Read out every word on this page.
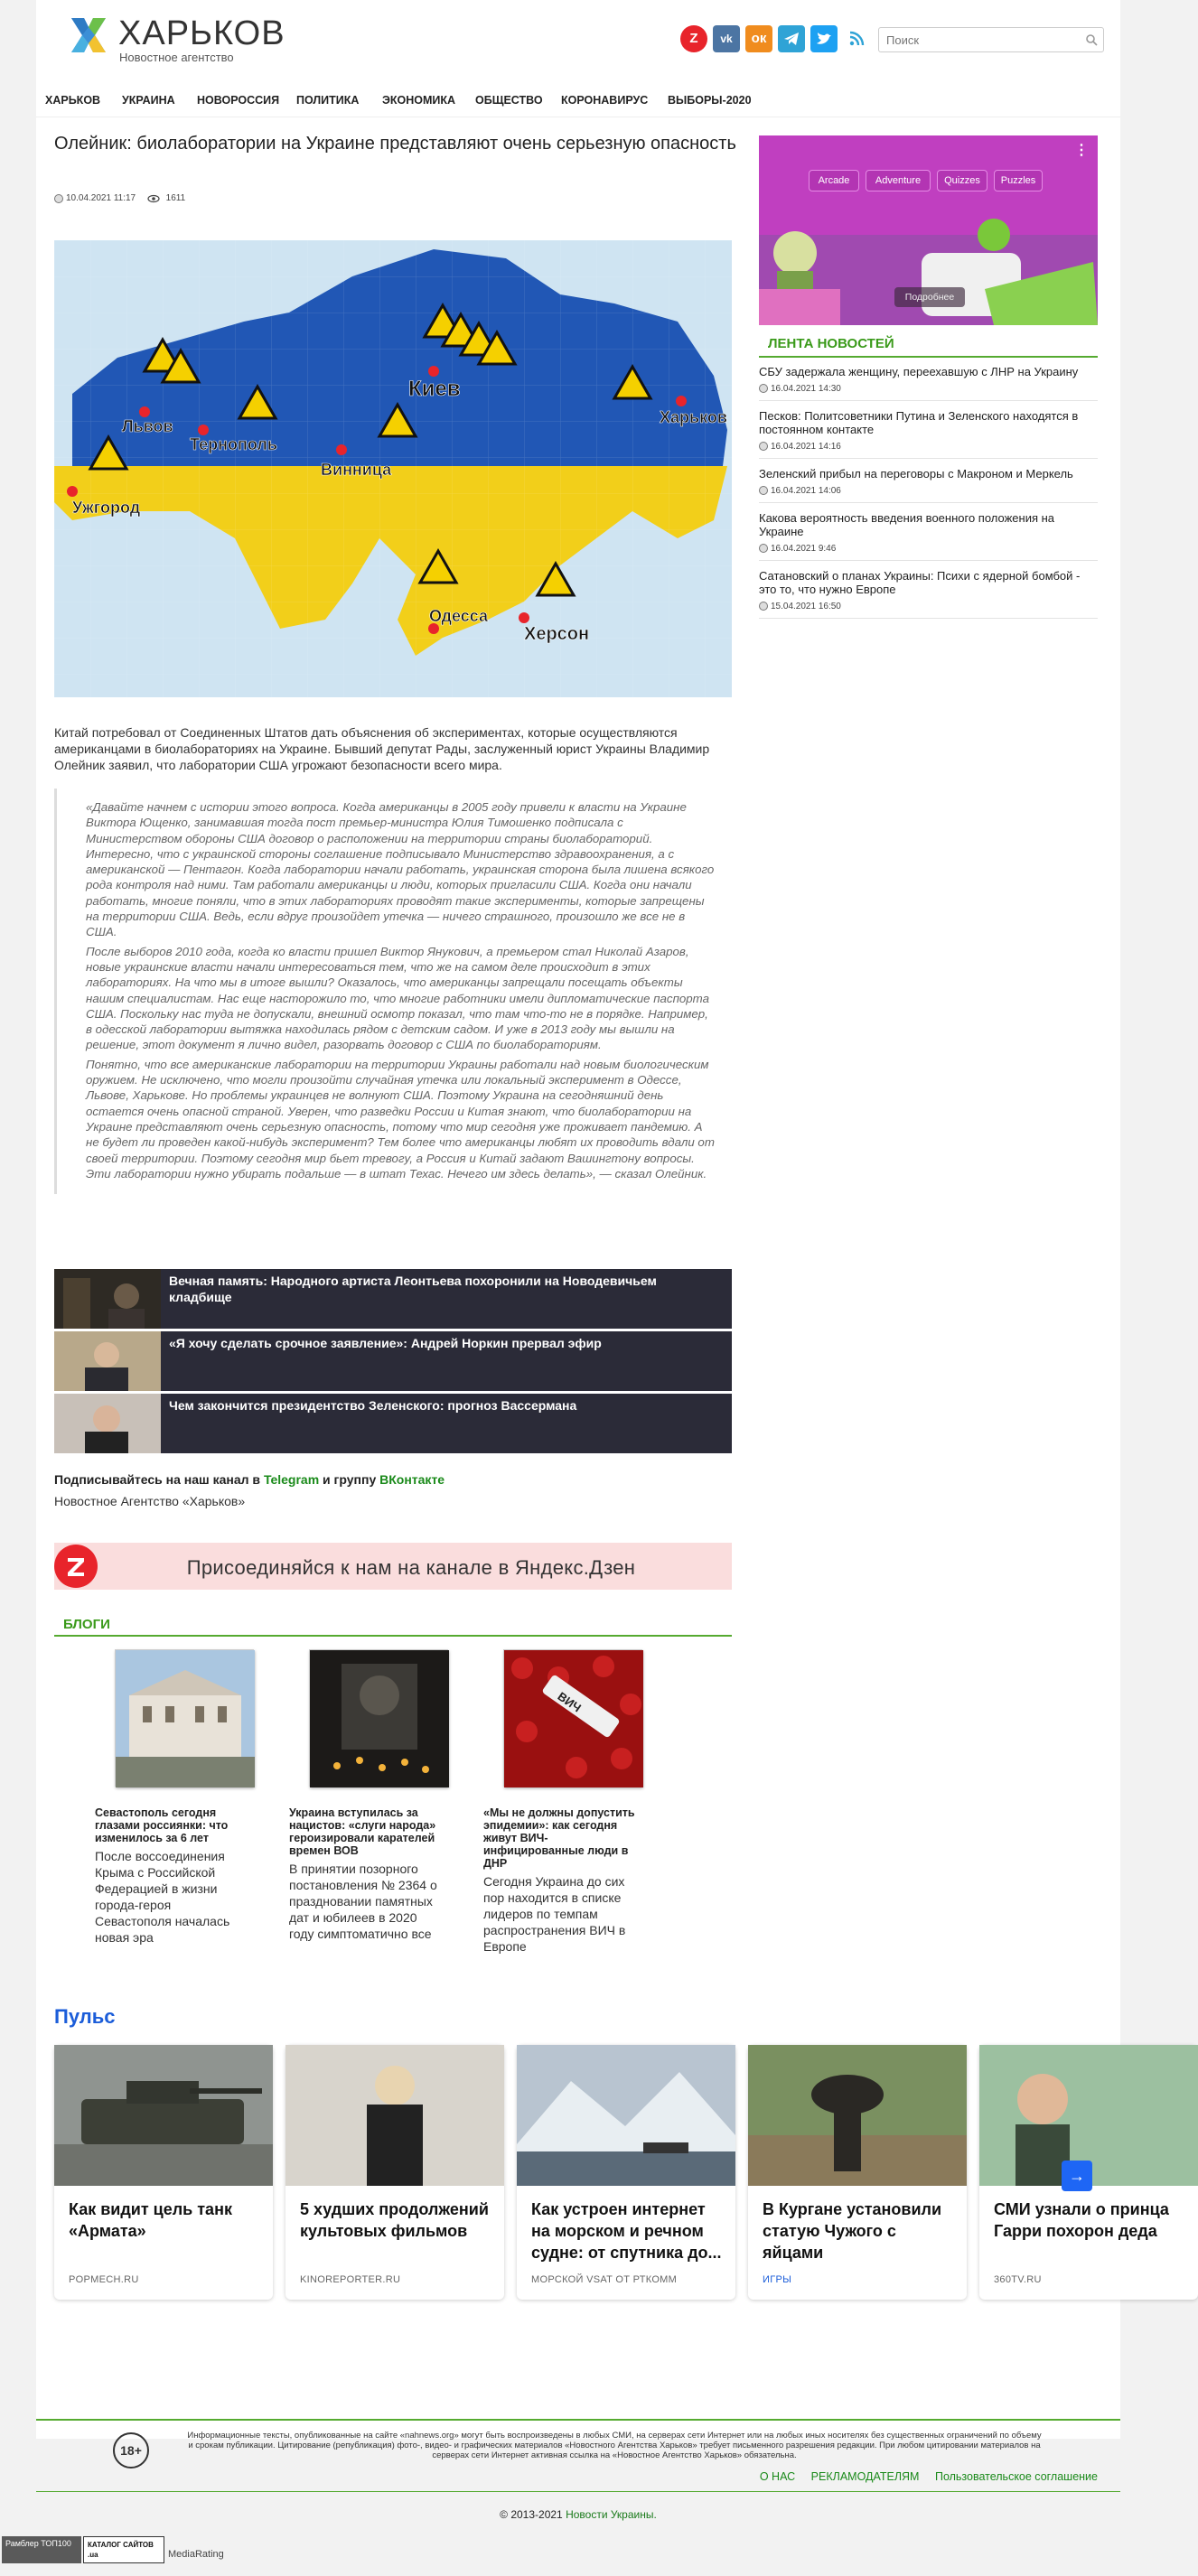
ХАРЬКОВ
Новостное агентство
Z	vk	ок
Поиск
ХАРЬКОВ УКРАИНА НОВОРОССИЯ ПОЛИТИКА ЭКОНОМИКА ОБЩЕСТВО КОРОНАВИРУС ВЫБОРЫ-2020
Олейник: биолаборатории на Украине представляют очень серьезную опасность
10.04.2021 11:17	1611
Львов
Тернополь
Ужгород
Винница
Киев
Харьков
Одесса
Херсон
Китай потребовал от Соединенных Штатов дать объяснения об экспериментах, которые осуществляются американцами в биолабораториях на Украине. Бывший депутат Рады, заслуженный юрист Украины Владимир Олейник заявил, что лаборатории США угрожают безопасности всего мира.

«Давайте начнем с истории этого вопроса. Когда американцы в 2005 году привели к власти на Украине Виктора Ющенко, занимавшая тогда пост премьер-министра Юлия Тимошенко подписала с Министерством обороны США договор о расположении на территории страны биолабораторий. Интересно, что с украинской стороны соглашение подписывало Министерство здравоохранения, а с американской — Пентагон. Когда лаборатории начали работать, украинская сторона была лишена всякого рода контроля над ними. Там работали американцы и люди, которых пригласили США. Когда они начали работать, многие поняли, что в этих лабораториях проводят такие эксперименты, которые запрещены на территории США. Ведь, если вдруг произойдет утечка — ничего страшного, произошло же все не в США.

После выборов 2010 года, когда ко власти пришел Виктор Янукович, а премьером стал Николай Азаров, новые украинские власти начали интересоваться тем, что же на самом деле происходит в этих лабораториях. На что мы в итоге вышли? Оказалось, что американцы запрещали посещать объекты нашим специалистам. Нас еще насторожило то, что многие работники имели дипломатические паспорта США. Поскольку нас туда не допускали, внешний осмотр показал, что там что-то не в порядке. Например, в одесской лаборатории вытяжка находилась рядом с детским садом. И уже в 2013 году мы вышли на решение, этот документ я лично видел, разорвать договор с США по биолабораториям.

Понятно, что все американские лаборатории на территории Украины работали над новым биологическим оружием. Не исключено, что могли произойти случайная утечка или локальный эксперимент в Одессе, Львове, Харькове. Но проблемы украинцев не волнуют США. Поэтому Украина на сегодняшний день остается очень опасной страной. Уверен, что разведки России и Китая знают, что биолаборатории на Украине представляют очень серьезную опасность, потому что мир сегодня уже проживает пандемию. А не будет ли проведен какой-нибудь эксперимент? Тем более что американцы любят их проводить вдали от своей территории. Поэтому сегодня мир бьет тревогу, а Россия и Китай задают Вашингтону вопросы. Эти лаборатории нужно убирать подальше — в штат Техас. Нечего им здесь делать», — сказал Олейник.

Вечная память: Народного артиста Леонтьева похоронили на Новодевичьем кладбище
«Я хочу сделать срочное заявление»: Андрей Норкин прервал эфир
Чем закончится президентство Зеленского: прогноз Вассермана
Подписывайтесь на наш канал в Telegram и группу ВКонтакте
Новостное Агентство «Харьков»
Присоединяйся к нам на канале в Яндекс.Дзен
БЛОГИ
Севастополь сегодня глазами россиянки: что изменилось за 6 лет
После воссоединения Крыма с Российской Федерацией в жизни города-героя Севастополя началась новая эра
Украина вступилась за нацистов: «слуги народа» героизировали карателей времен ВОВ
В принятии позорного постановления № 2364 о праздновании памятных дат и юбилеев в 2020 году симптоматично все
ВИЧ
«Мы не должны допустить эпидемии»: как сегодня живут ВИЧ-инфицированные люди в ДНР
Сегодня Украина до сих пор находится в списке лидеров по темпам распространения ВИЧ в Европе
Пульс
Как видит цель танк «Армата»
POPMECH.RU
5 худших продолжений культовых фильмов
KINOREPORTER.RU
Как устроен интернет на морском и речном судне: от спутника до...
МОРСКОЙ VSAT ОТ РТКОММ
В Кургане установили статую Чужого с яйцами
ИГРЫ
СМИ узнали о принца Гарри похорон деда
360TV.RU
→
⋮
Arcade	Adventure	Quizzes	Puzzles
Подробнее
ЛЕНТА НОВОСТЕЙ
СБУ задержала женщину, переехавшую с ЛНР на Украину
16.04.2021 14:30
Песков: Политсоветники Путина и Зеленского находятся в постоянном контакте
16.04.2021 14:16
Зеленский прибыл на переговоры с Макроном и Меркель
16.04.2021 14:06
Какова вероятность введения военного положения на Украине
16.04.2021 9:46
Сатановский о планах Украины: Психи с ядерной бомбой - это то, что нужно Европе
15.04.2021 16:50
18+
Информационные тексты, опубликованные на сайте «nahnews.org» могут быть воспроизведены в любых СМИ, на серверах сети Интернет или на любых иных носителях без существенных ограничений по объему и срокам публикации. Цитирование (републикация) фото-, видео- и графических материалов «Новостного Агентства Харьков» требует письменного разрешения редакции. При любом цитировании материалов на серверах сети Интернет активная ссылка на «Новостное Агентство Харьков» обязательна.
О НАС РЕКЛАМОДАТЕЛЯМ Пользовательское соглашение
© 2013-2021 Новости Украины.
Рамблер ТОП100	КАТАЛОГ САЙТОВ .ua	MediaRating
